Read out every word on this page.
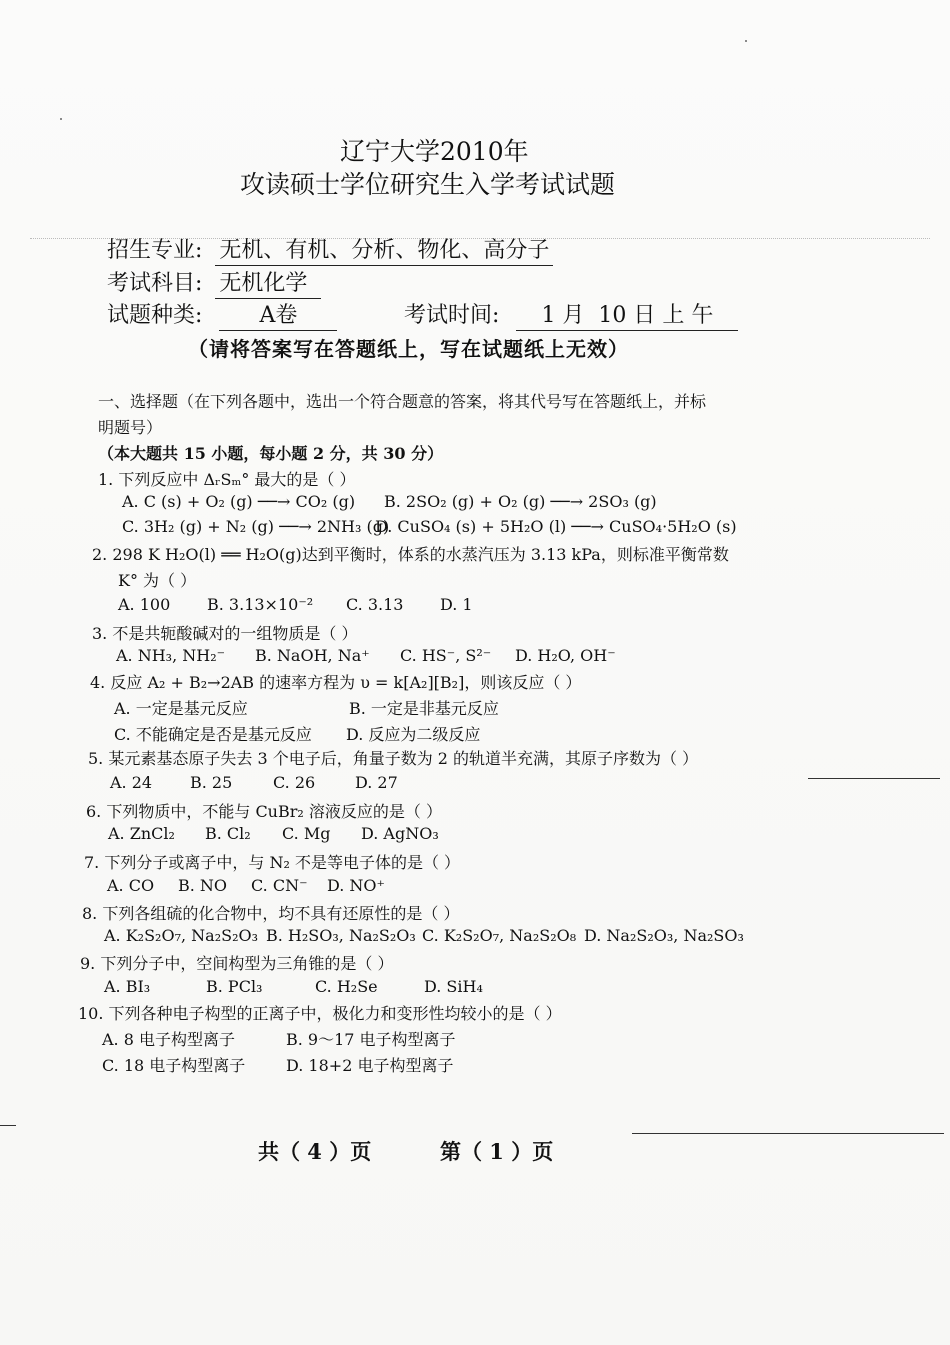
辽宁大学2010年
攻读硕士学位研究生入学考试试题
招生专业: 无机、有机、分析、物化、高分子
考试科目: 无机化学
试题种类:	A卷	考试时间: 1 月  10 日 上 午
（请将答案写在答题纸上，写在试题纸上无效）
一、选择题（在下列各题中，选出一个符合题意的答案，将其代号写在答题纸上，并标
明题号）
（本大题共 15 小题，每小题 2 分，共 30 分）
1. 下列反应中 ΔᵣSₘ° 最大的是（ ）
A. C (s) + O₂ (g) ──→ CO₂ (g) B. 2SO₂ (g) + O₂ (g) ──→ 2SO₃ (g)
C. 3H₂ (g) + N₂ (g) ──→ 2NH₃ (g)
D. CuSO₄ (s) + 5H₂O (l) ──→ CuSO₄·5H₂O (s)
2. 298 K H₂O(l) ══ H₂O(g)达到平衡时，体系的水蒸汽压为 3.13 kPa，则标准平衡常数
K° 为（ ）
A. 100 B. 3.13×10⁻² C. 3.13 D. 1
3. 不是共轭酸碱对的一组物质是（ ）
A. NH₃, NH₂⁻ B. NaOH, Na⁺ C. HS⁻, S²⁻ D. H₂O, OH⁻
4. 反应 A₂ + B₂→2AB 的速率方程为 υ = k[A₂][B₂]，则该反应（ ）
A. 一定是基元反应	B. 一定是非基元反应
C. 不能确定是否是基元反应 D. 反应为二级反应
5. 某元素基态原子失去 3 个电子后，角量子数为 2 的轨道半充满，其原子序数为（ ）
A. 24 B. 25	C. 26 D. 27
6. 下列物质中，不能与 CuBr₂ 溶液反应的是（ ）
A. ZnCl₂ B. Cl₂ C. Mg D. AgNO₃
7. 下列分子或离子中，与 N₂ 不是等电子体的是（ ）
A. CO B. NO C. CN⁻ D. NO⁺
8. 下列各组硫的化合物中，均不具有还原性的是（ ）
A. K₂S₂O₇, Na₂S₂O₃ B. H₂SO₃, Na₂S₂O₃ C. K₂S₂O₇, Na₂S₂O₈ D. Na₂S₂O₃, Na₂SO₃
9. 下列分子中，空间构型为三角锥的是（ ）
A. BI₃	B. PCl₃	C. H₂Se	D. SiH₄
10. 下列各种电子构型的正离子中，极化力和变形性均较小的是（ ）
A. 8 电子构型离子	B. 9～17 电子构型离子
C. 18 电子构型离子	D. 18+2 电子构型离子
共（ 4 ）页	第（ 1 ）页
